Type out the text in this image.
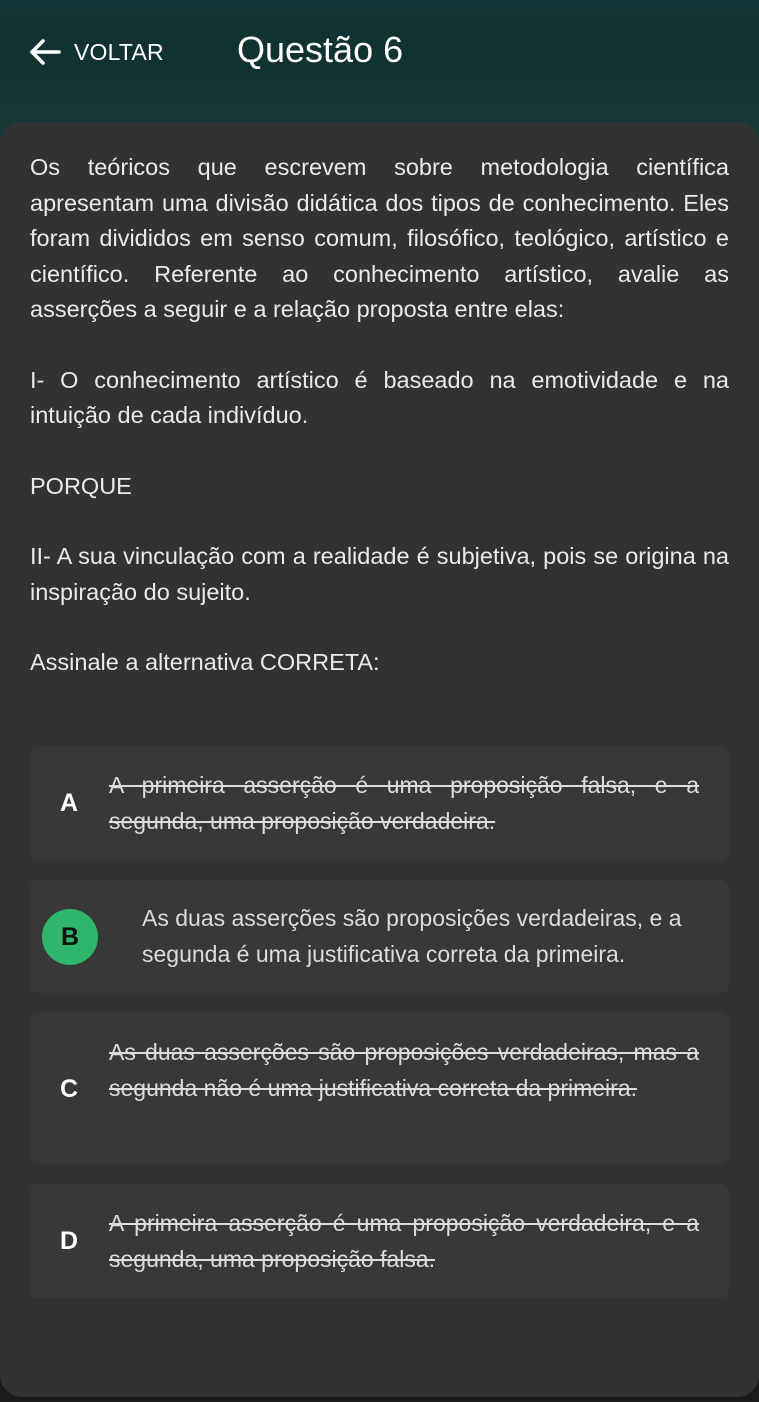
VOLTAR Questão 6

Os teóricos que escrevem sobre metodologia científica apresentam uma divisão didática dos tipos de conhecimento. Eles foram divididos em senso comum, filosófico, teológico, artístico e científico. Referente ao conhecimento artístico, avalie as asserções a seguir e a relação proposta entre elas:

I- O conhecimento artístico é baseado na emotividade e na intuição de cada indivíduo.

PORQUE

II- A sua vinculação com a realidade é subjetiva, pois se origina na inspiração do sujeito.

Assinale a alternativa CORRETA:

A
A primeira asserção é uma proposição falsa, e a segunda, uma proposição verdadeira.
B
As duas asserções são proposições verdadeiras, e a segunda é uma justificativa correta da primeira.
C
As duas asserções são proposições verdadeiras, mas a segunda não é uma justificativa correta da primeira.
D
A primeira asserção é uma proposição verdadeira, e a segunda, uma proposição falsa.
